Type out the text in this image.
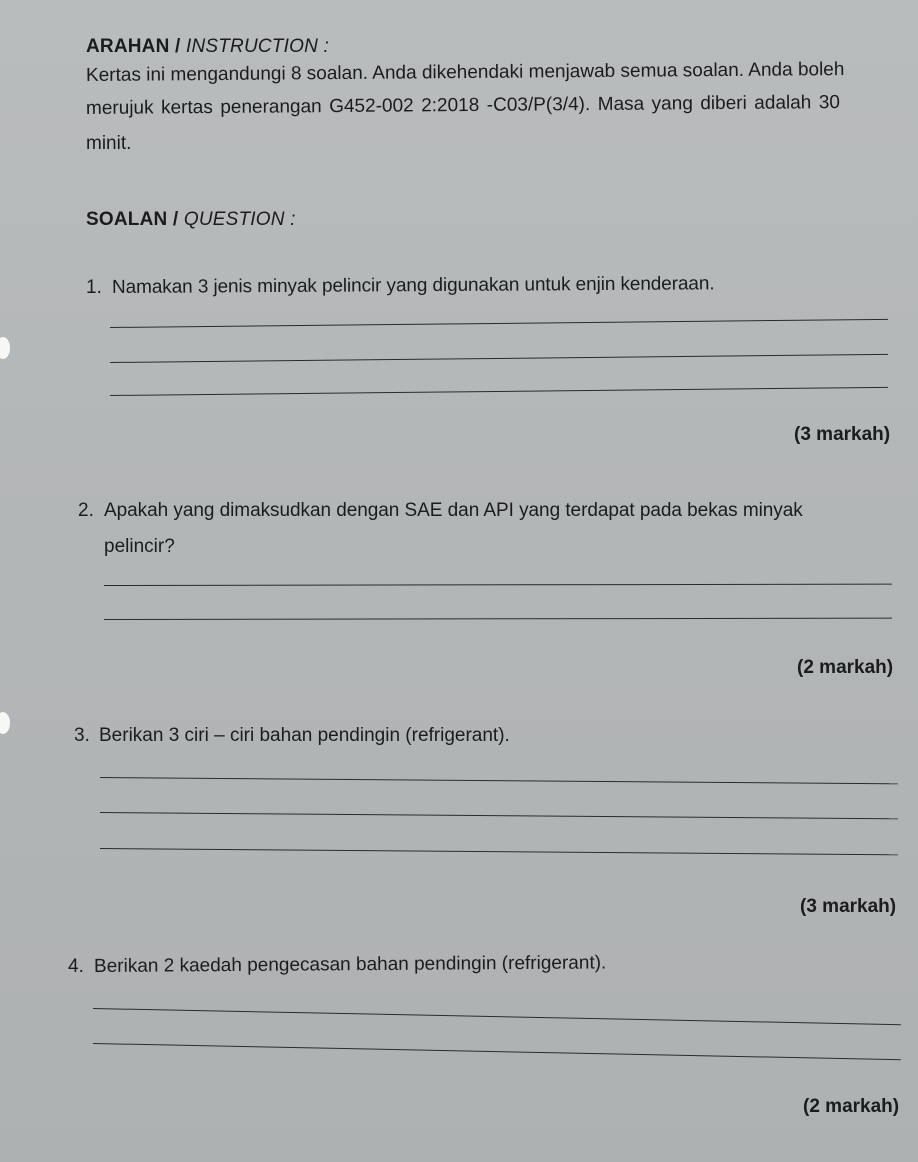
ARAHAN / INSTRUCTION :

Kertas ini mengandungi 8 soalan. Anda dikehendaki menjawab semua soalan. Anda boleh

merujuk kertas penerangan G452-002 2:2018 -C03/P(3/4). Masa yang diberi adalah 30

minit.

SOALAN / QUESTION :

1. Namakan 3 jenis minyak pelincir yang digunakan untuk enjin kenderaan.

(3 markah)

2. Apakah yang dimaksudkan dengan SAE dan API yang terdapat pada bekas minyak

pelincir?

(2 markah)

3. Berikan 3 ciri – ciri bahan pendingin (refrigerant).

(3 markah)

4. Berikan 2 kaedah pengecasan bahan pendingin (refrigerant).

(2 markah)
